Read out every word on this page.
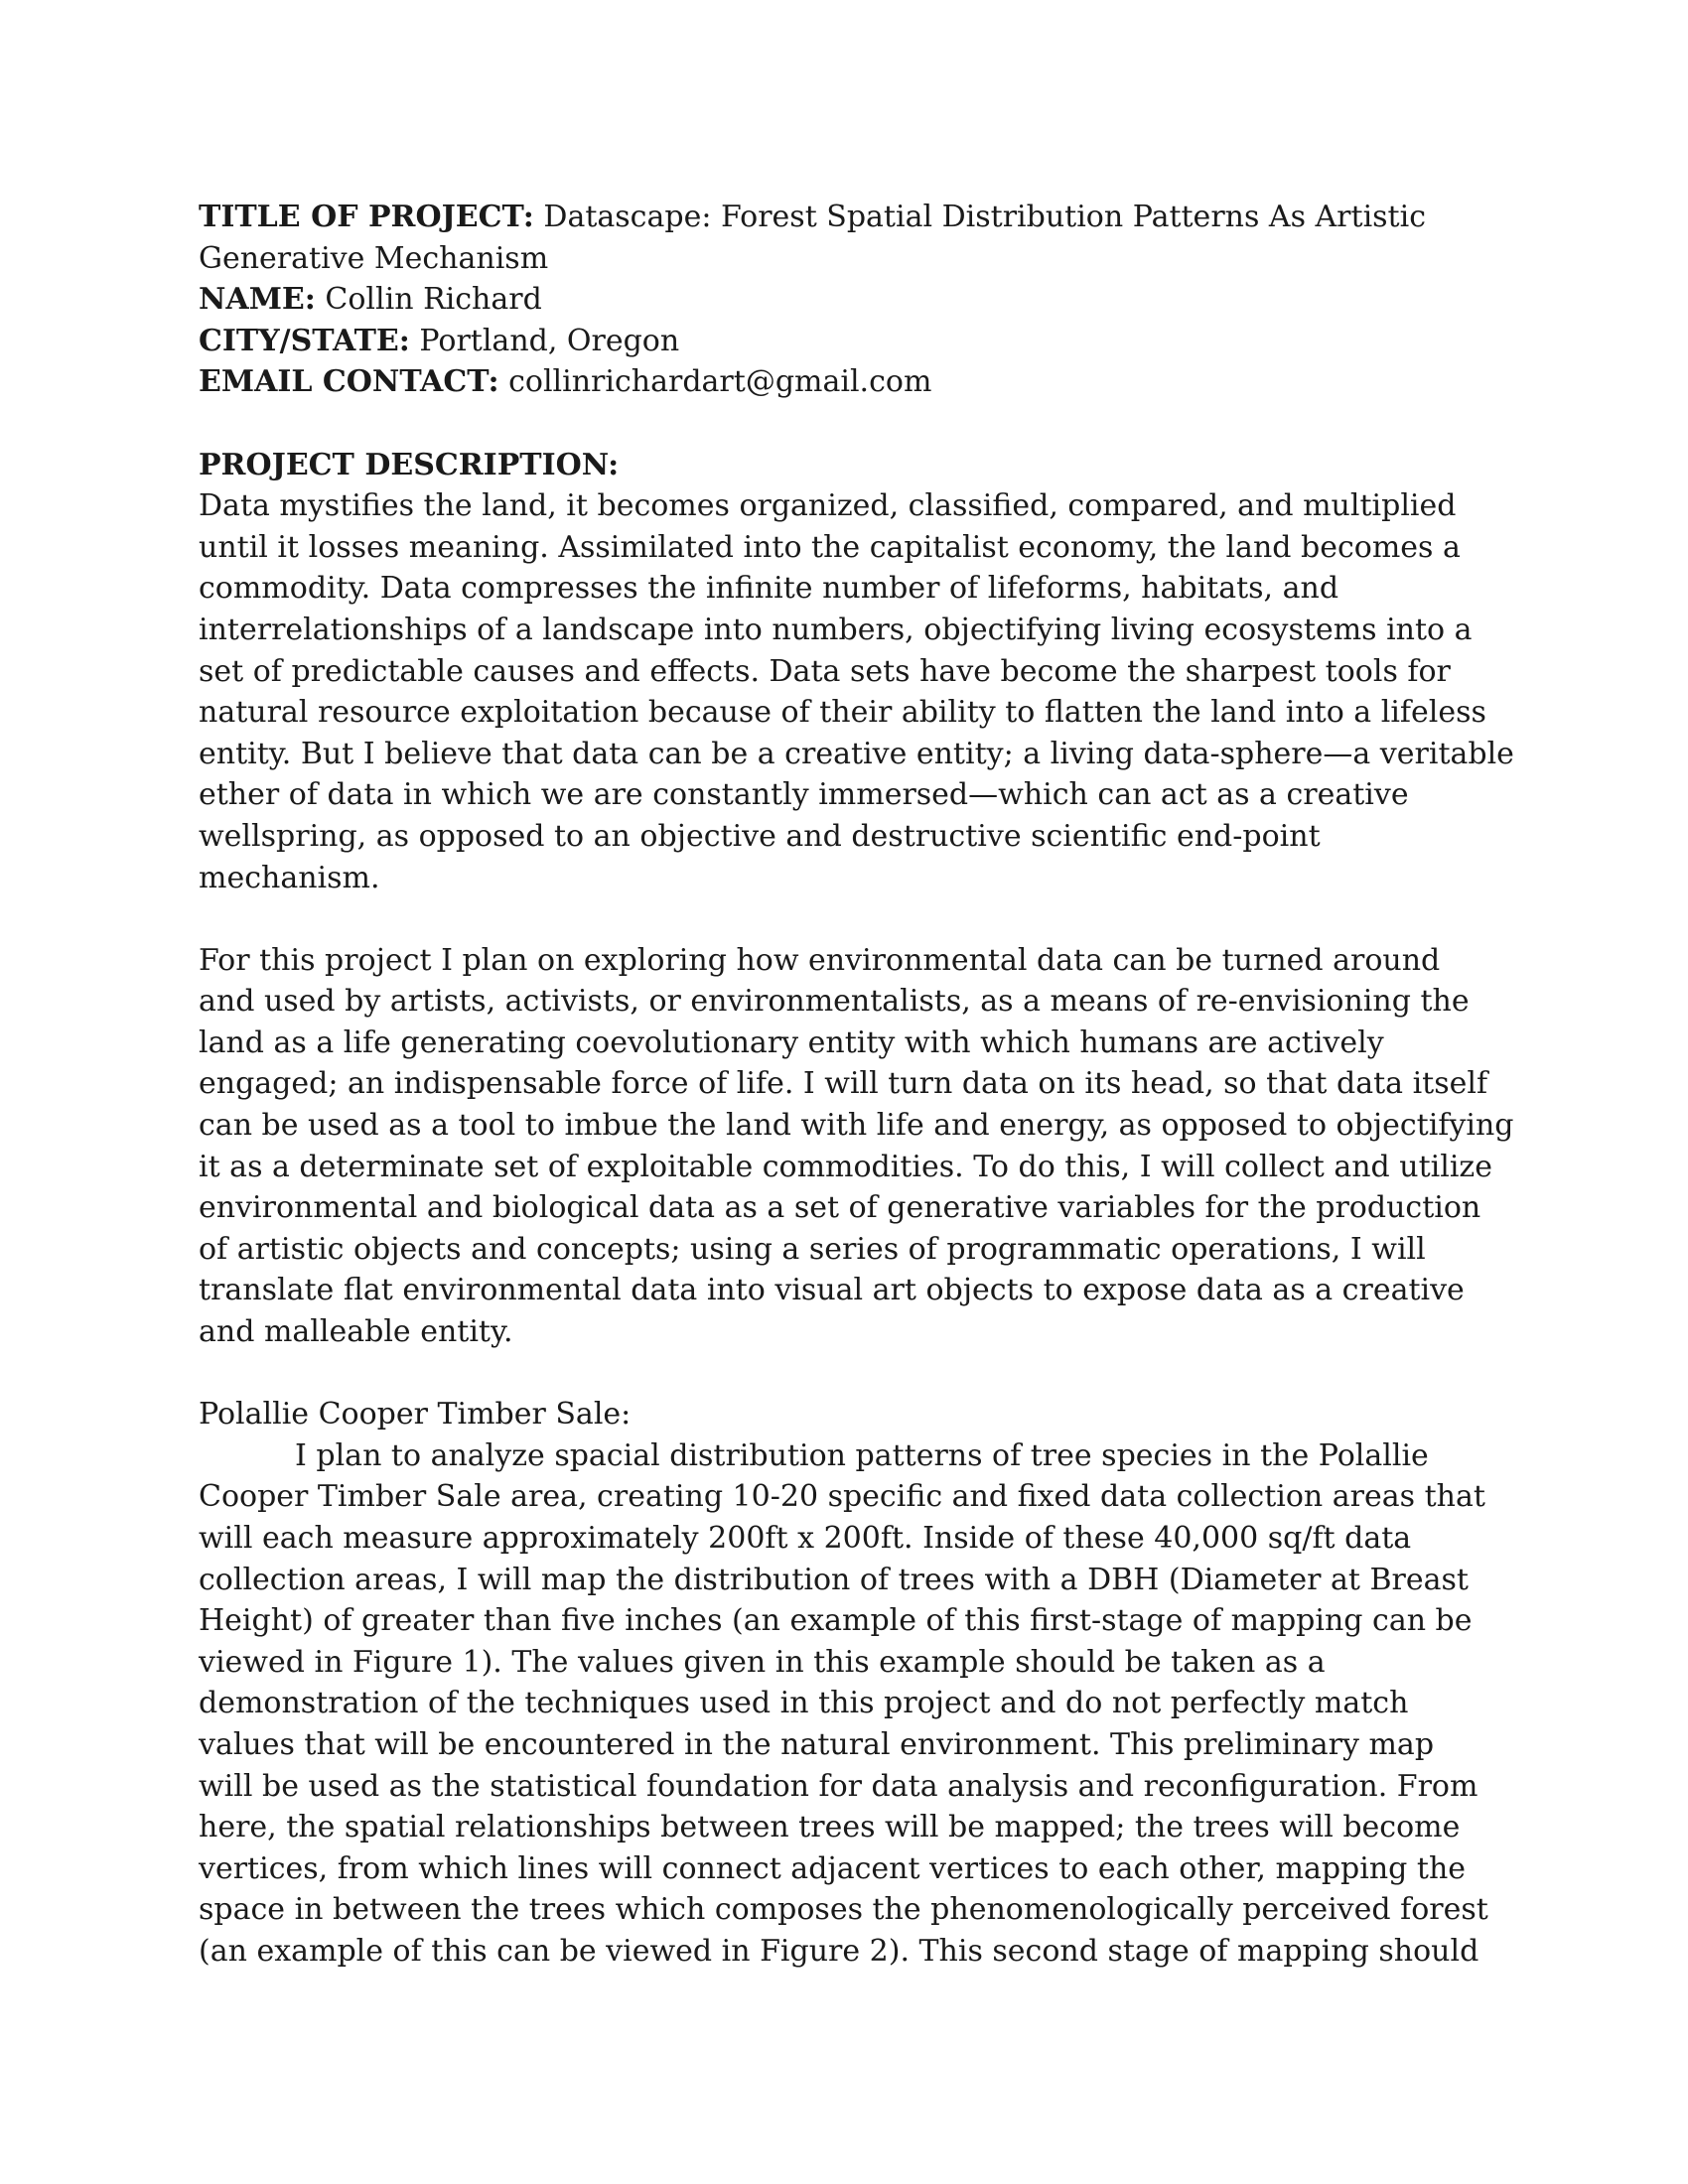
TITLE OF PROJECT: Datascape: Forest Spatial Distribution Patterns As Artistic
Generative Mechanism
NAME: Collin Richard
CITY/STATE: Portland, Oregon
EMAIL CONTACT: collinrichardart@gmail.com
PROJECT DESCRIPTION:
Data mystifies the land, it becomes organized, classified, compared, and multiplied
until it losses meaning. Assimilated into the capitalist economy, the land becomes a
commodity. Data compresses the infinite number of lifeforms, habitats, and
interrelationships of a landscape into numbers, objectifying living ecosystems into a
set of predictable causes and effects. Data sets have become the sharpest tools for
natural resource exploitation because of their ability to flatten the land into a lifeless
entity. But I believe that data can be a creative entity; a living data-sphere—a veritable
ether of data in which we are constantly immersed—which can act as a creative
wellspring, as opposed to an objective and destructive scientific end-point
mechanism.
For this project I plan on exploring how environmental data can be turned around
and used by artists, activists, or environmentalists, as a means of re-envisioning the
land as a life generating coevolutionary entity with which humans are actively
engaged; an indispensable force of life. I will turn data on its head, so that data itself
can be used as a tool to imbue the land with life and energy, as opposed to objectifying
it as a determinate set of exploitable commodities. To do this, I will collect and utilize
environmental and biological data as a set of generative variables for the production
of artistic objects and concepts; using a series of programmatic operations, I will
translate flat environmental data into visual art objects to expose data as a creative
and malleable entity.
Polallie Cooper Timber Sale:
I plan to analyze spacial distribution patterns of tree species in the Polallie
Cooper Timber Sale area, creating 10-20 specific and fixed data collection areas that
will each measure approximately 200ft x 200ft. Inside of these 40,000 sq/ft data
collection areas, I will map the distribution of trees with a DBH (Diameter at Breast
Height) of greater than five inches (an example of this first-stage of mapping can be
viewed in Figure 1). The values given in this example should be taken as a
demonstration of the techniques used in this project and do not perfectly match
values that will be encountered in the natural environment. This preliminary map
will be used as the statistical foundation for data analysis and reconfiguration. From
here, the spatial relationships between trees will be mapped; the trees will become
vertices, from which lines will connect adjacent vertices to each other, mapping the
space in between the trees which composes the phenomenologically perceived forest
(an example of this can be viewed in Figure 2). This second stage of mapping should
